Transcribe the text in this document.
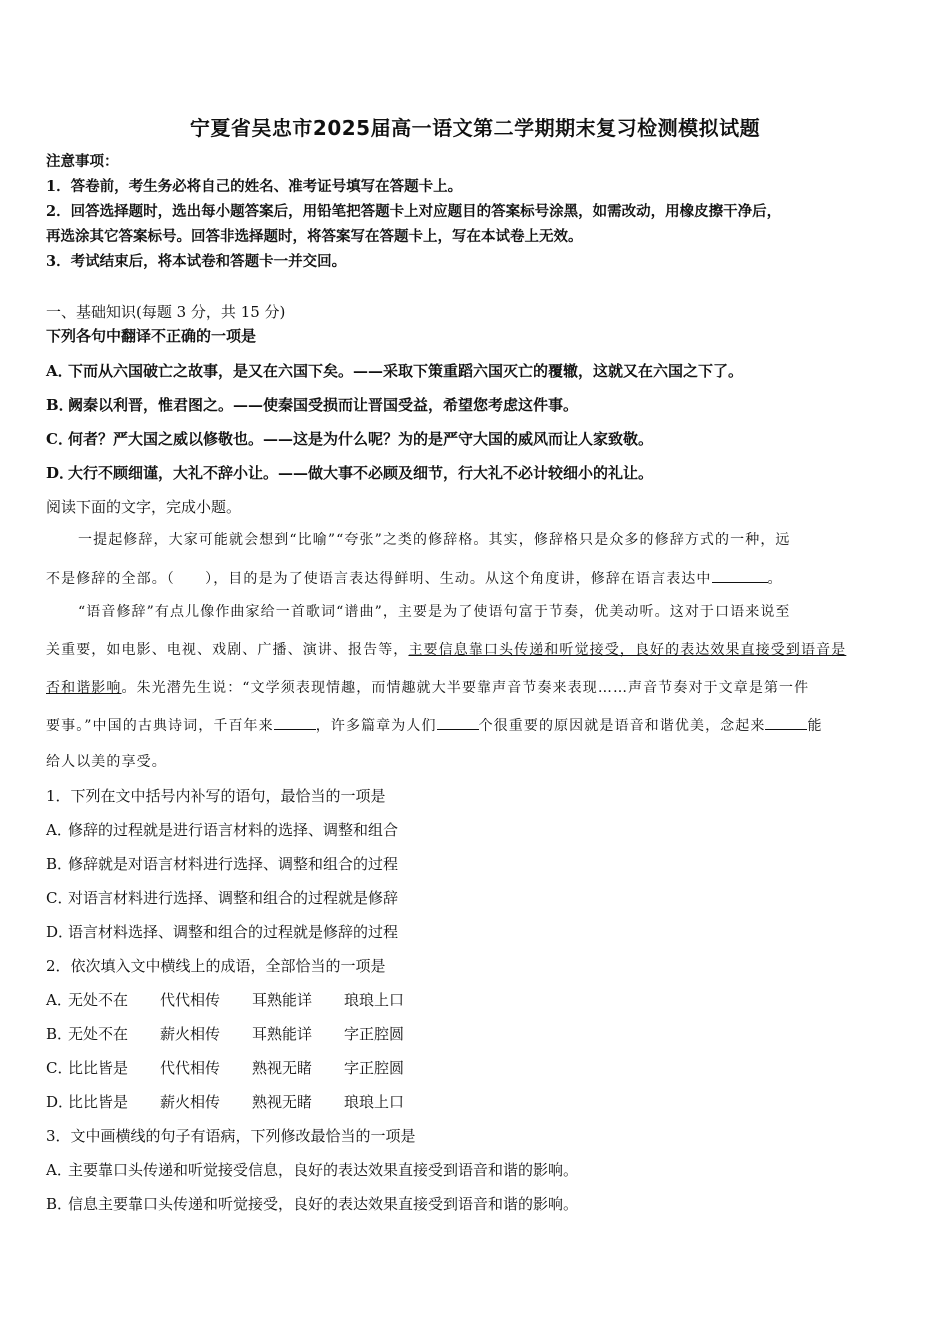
宁夏省吴忠市2025届高一语文第二学期期末复习检测模拟试题
注意事项：
1．答卷前，考生务必将自己的姓名、准考证号填写在答题卡上。
2．回答选择题时，选出每小题答案后，用铅笔把答题卡上对应题目的答案标号涂黑，如需改动，用橡皮擦干净后，
再选涂其它答案标号。回答非选择题时，将答案写在答题卡上，写在本试卷上无效。
3．考试结束后，将本试卷和答题卡一并交回。
一、基础知识(每题 3 分，共 15 分)
下列各句中翻译不正确的一项是
A．下而从六国破亡之故事，是又在六国下矣。——采取下策重蹈六国灭亡的覆辙，这就又在六国之下了。
B．阙秦以利晋，惟君图之。——使秦国受损而让晋国受益，希望您考虑这件事。
C．何者？严大国之威以修敬也。——这是为什么呢？为的是严守大国的威风而让人家致敬。
D．大行不顾细谨，大礼不辞小让。——做大事不必顾及细节，行大礼不必计较细小的礼让。
阅读下面的文字，完成小题。
一提起修辞，大家可能就会想到“比喻”“夸张”之类的修辞格。其实，修辞格只是众多的修辞方式的一种，远
不是修辞的全部。（　　），目的是为了使语言表达得鲜明、生动。从这个角度讲，修辞在语言表达中	。
“语音修辞”有点儿像作曲家给一首歌词“谱曲”，主要是为了使语句富于节奏，优美动听。这对于口语来说至
关重要，如电影、电视、戏剧、广播、演讲、报告等，主要信息靠口头传递和听觉接受，良好的表达效果直接受到语音是
否和谐影响。朱光潜先生说：“文学须表现情趣，而情趣就大半要靠声音节奏来表现……声音节奏对于文章是第一件
要事。”中国的古典诗词，千百年来	，许多篇章为人们	个很重要的原因就是语音和谐优美，念起来	能
给人以美的享受。
1．下列在文中括号内补写的语句，最恰当的一项是
A．修辞的过程就是进行语言材料的选择、调整和组合
B．修辞就是对语言材料进行选择、调整和组合的过程
C．对语言材料进行选择、调整和组合的过程就是修辞
D．语言材料选择、调整和组合的过程就是修辞的过程
2．依次填入文中横线上的成语，全部恰当的一项是
A．无处不在 代代相传 耳熟能详 琅琅上口
B．无处不在 薪火相传 耳熟能详 字正腔圆
C．比比皆是 代代相传 熟视无睹 字正腔圆
D．比比皆是 薪火相传 熟视无睹 琅琅上口
3．文中画横线的句子有语病，下列修改最恰当的一项是
A．主要靠口头传递和听觉接受信息，良好的表达效果直接受到语音和谐的影响。
B．信息主要靠口头传递和听觉接受，良好的表达效果直接受到语音和谐的影响。
